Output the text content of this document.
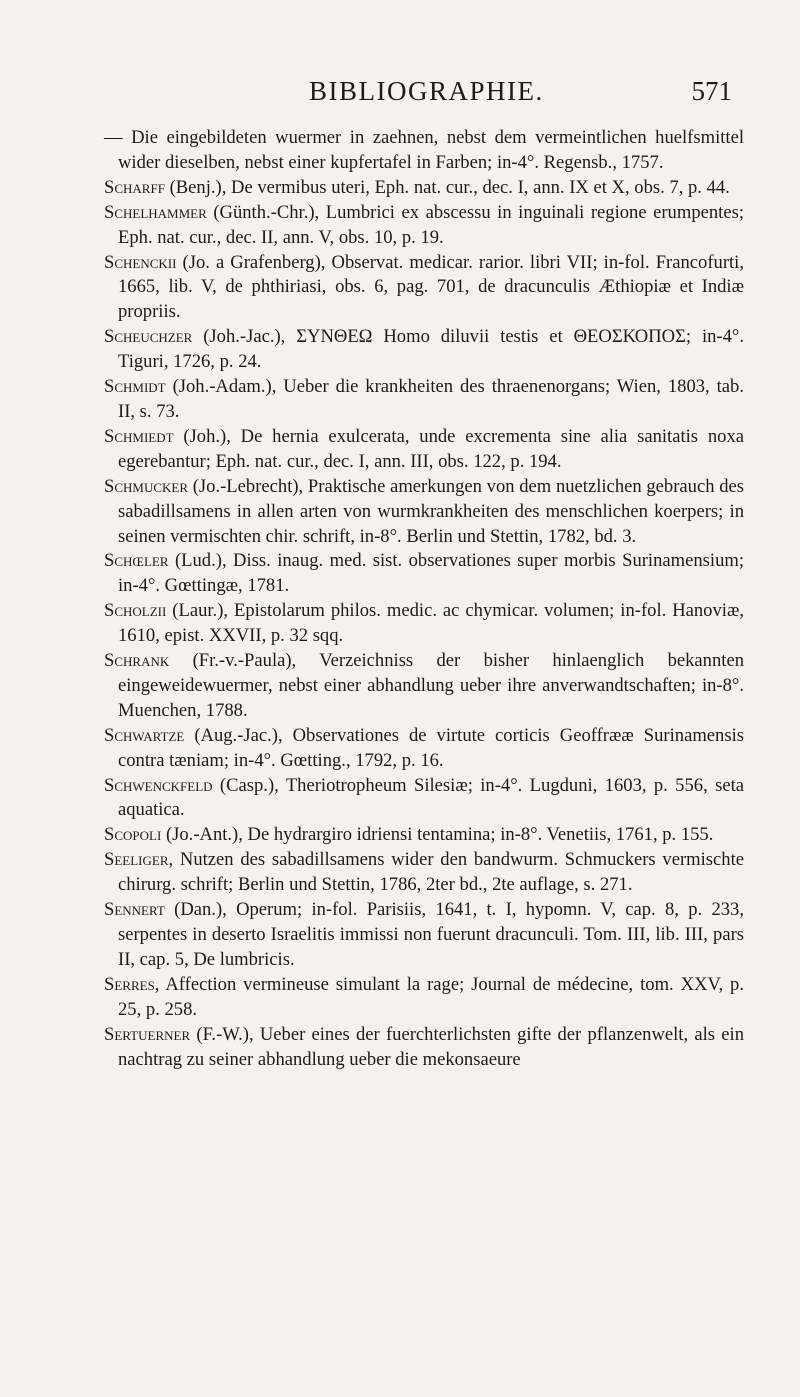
BIBLIOGRAPHIE.	571

— Die eingebildeten wuermer in zaehnen, nebst dem vermeintlichen huelfsmittel wider dieselben, nebst einer kupfertafel in Farben; in-4°. Regensb., 1757.

Scharff (Benj.), De vermibus uteri, Eph. nat. cur., dec. I, ann. IX et X, obs. 7, p. 44.

Schelhammer (Günth.-Chr.), Lumbrici ex abscessu in inguinali regione erumpentes; Eph. nat. cur., dec. II, ann. V, obs. 10, p. 19.

Schenckii (Jo. a Grafenberg), Observat. medicar. rarior. libri VII; in-fol. Francofurti, 1665, lib. V, de phthiriasi, obs. 6, pag. 701, de dracunculis Æthiopiæ et Indiæ propriis.

Scheuchzer (Joh.-Jac.), ΣΥΝΘΕΩ Homo diluvii testis et ΘΕΟΣΚΟΠΟΣ; in-4°. Tiguri, 1726, p. 24.

Schmidt (Joh.-Adam.), Ueber die krankheiten des thraenenorgans; Wien, 1803, tab. II, s. 73.

Schmiedt (Joh.), De hernia exulcerata, unde excrementa sine alia sanitatis noxa egerebantur; Eph. nat. cur., dec. I, ann. III, obs. 122, p. 194.

Schmucker (Jo.-Lebrecht), Praktische amerkungen von dem nuetzlichen gebrauch des sabadillsamens in allen arten von wurmkrankheiten des menschlichen koerpers; in seinen vermischten chir. schrift, in-8°. Berlin und Stettin, 1782, bd. 3.

Schœler (Lud.), Diss. inaug. med. sist. observationes super morbis Surinamensium; in-4°. Gœttingæ, 1781.

Scholzii (Laur.), Epistolarum philos. medic. ac chymicar. volumen; in-fol. Hanoviæ, 1610, epist. XXVII, p. 32 sqq.

Schrank (Fr.-v.-Paula), Verzeichniss der bisher hinlaenglich bekannten eingeweidewuermer, nebst einer abhandlung ueber ihre anverwandtschaften; in-8°. Muenchen, 1788.

Schwartze (Aug.-Jac.), Observationes de virtute corticis Geoffrææ Surinamensis contra tæniam; in-4°. Gœtting., 1792, p. 16.

Schwenckfeld (Casp.), Theriotropheum Silesiæ; in-4°. Lugduni, 1603, p. 556, seta aquatica.

Scopoli (Jo.-Ant.), De hydrargiro idriensi tentamina; in-8°. Venetiis, 1761, p. 155.

Seeliger, Nutzen des sabadillsamens wider den bandwurm. Schmuckers vermischte chirurg. schrift; Berlin und Stettin, 1786, 2ter bd., 2te auflage, s. 271.

Sennert (Dan.), Operum; in-fol. Parisiis, 1641, t. I, hypomn. V, cap. 8, p. 233, serpentes in deserto Israelitis immissi non fuerunt dracunculi. Tom. III, lib. III, pars II, cap. 5, De lumbricis.

Serres, Affection vermineuse simulant la rage; Journal de médecine, tom. XXV, p. 25, p. 258.

Sertuerner (F.-W.), Ueber eines der fuerchterlichsten gifte der pflanzenwelt, als ein nachtrag zu seiner abhandlung ueber die mekonsaeure
